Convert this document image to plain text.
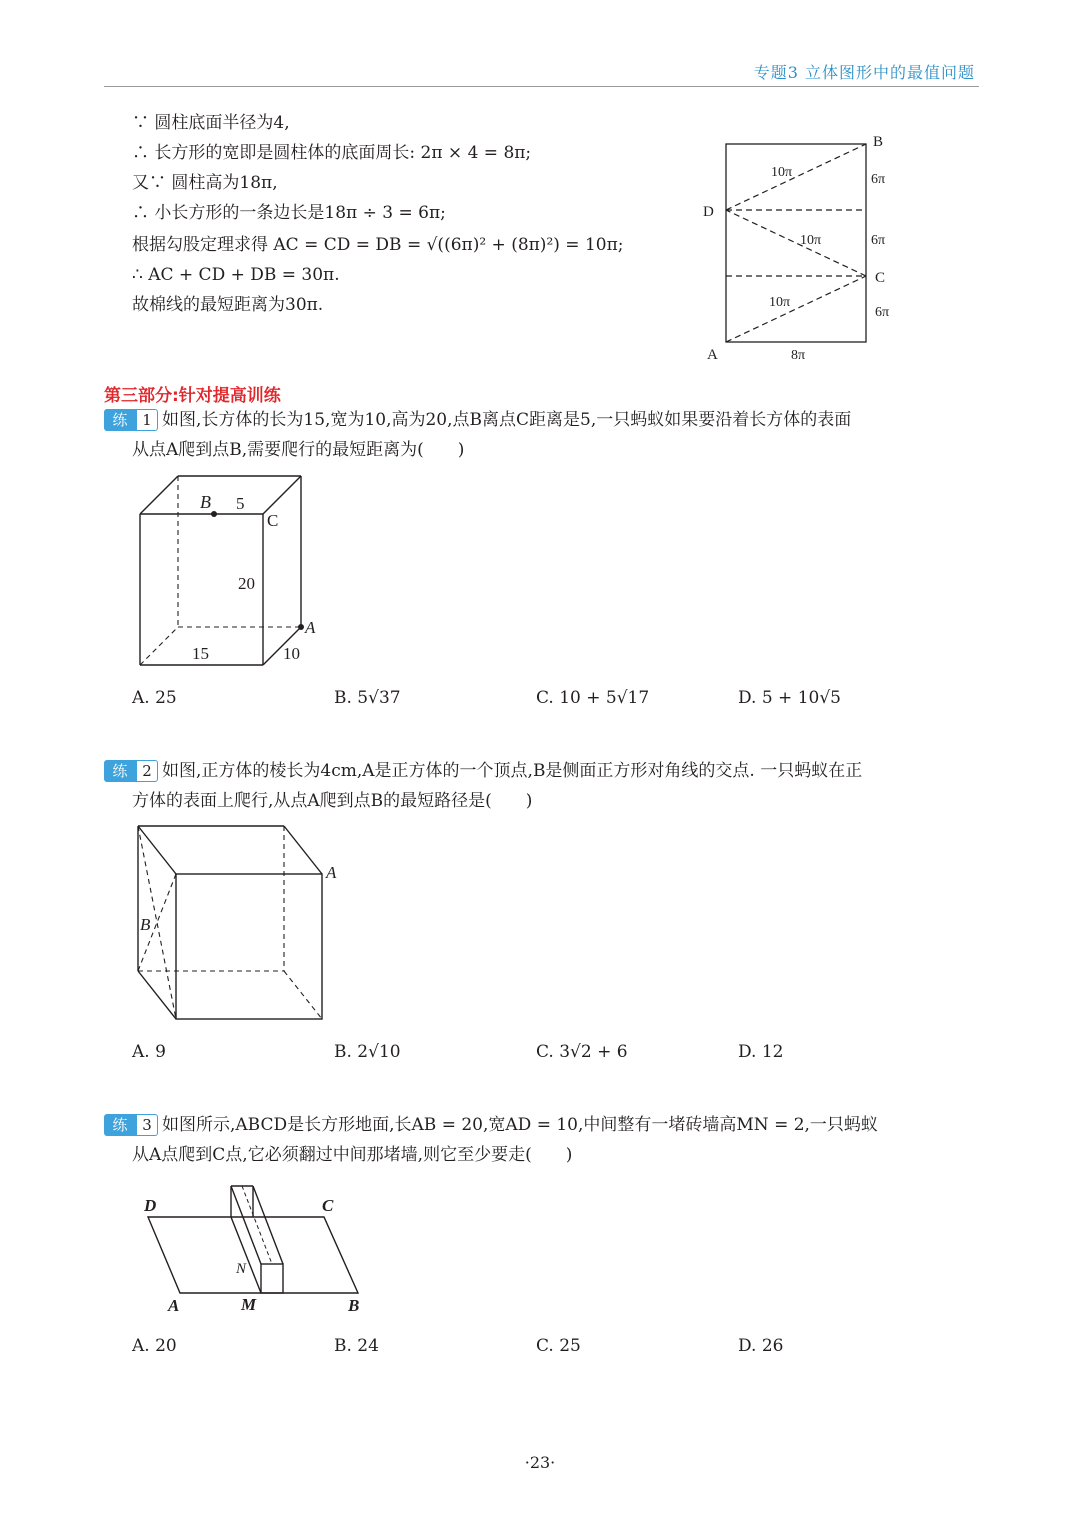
专题3 立体图形中的最值问题
∵ 圆柱底面半径为4,
∴ 长方形的宽即是圆柱体的底面周长: 2π × 4 = 8π;
又∵ 圆柱高为18π,
∴ 小长方形的一条边长是18π ÷ 3 = 6π;
根据勾股定理求得 AC = CD = DB = √((6π)² + (8π)²) = 10π;
∴ AC + CD + DB = 30π.
故棉线的最短距离为30π.
B
D
C
A
10π
10π
10π
6π
6π
6π
8π
第三部分:针对提高训练
练 1 如图,长方体的长为15,宽为10,高为20,点B离点C距离是5,一只蚂蚁如果要沿着长方体的表面
从点A爬到点B,需要爬行的最短距离为(　　)
B 5
C
20
A
15	10
A. 25	B. 5√37	C. 10 + 5√17	D. 5 + 10√5
练 2 如图,正方体的棱长为4cm,A是正方体的一个顶点,B是侧面正方形对角线的交点. 一只蚂蚁在正
方体的表面上爬行,从点A爬到点B的最短路径是(　　)
A
B
A. 9	B. 2√10	C. 3√2 + 6	D. 12
练 3 如图所示,ABCD是长方形地面,长AB = 20,宽AD = 10,中间整有一堵砖墙高MN = 2,一只蚂蚁
从A点爬到C点,它必须翻过中间那堵墙,则它至少要走(　　)
D	C
N
A	M	B
A. 20	B. 24	C. 25	D. 26
·23·
